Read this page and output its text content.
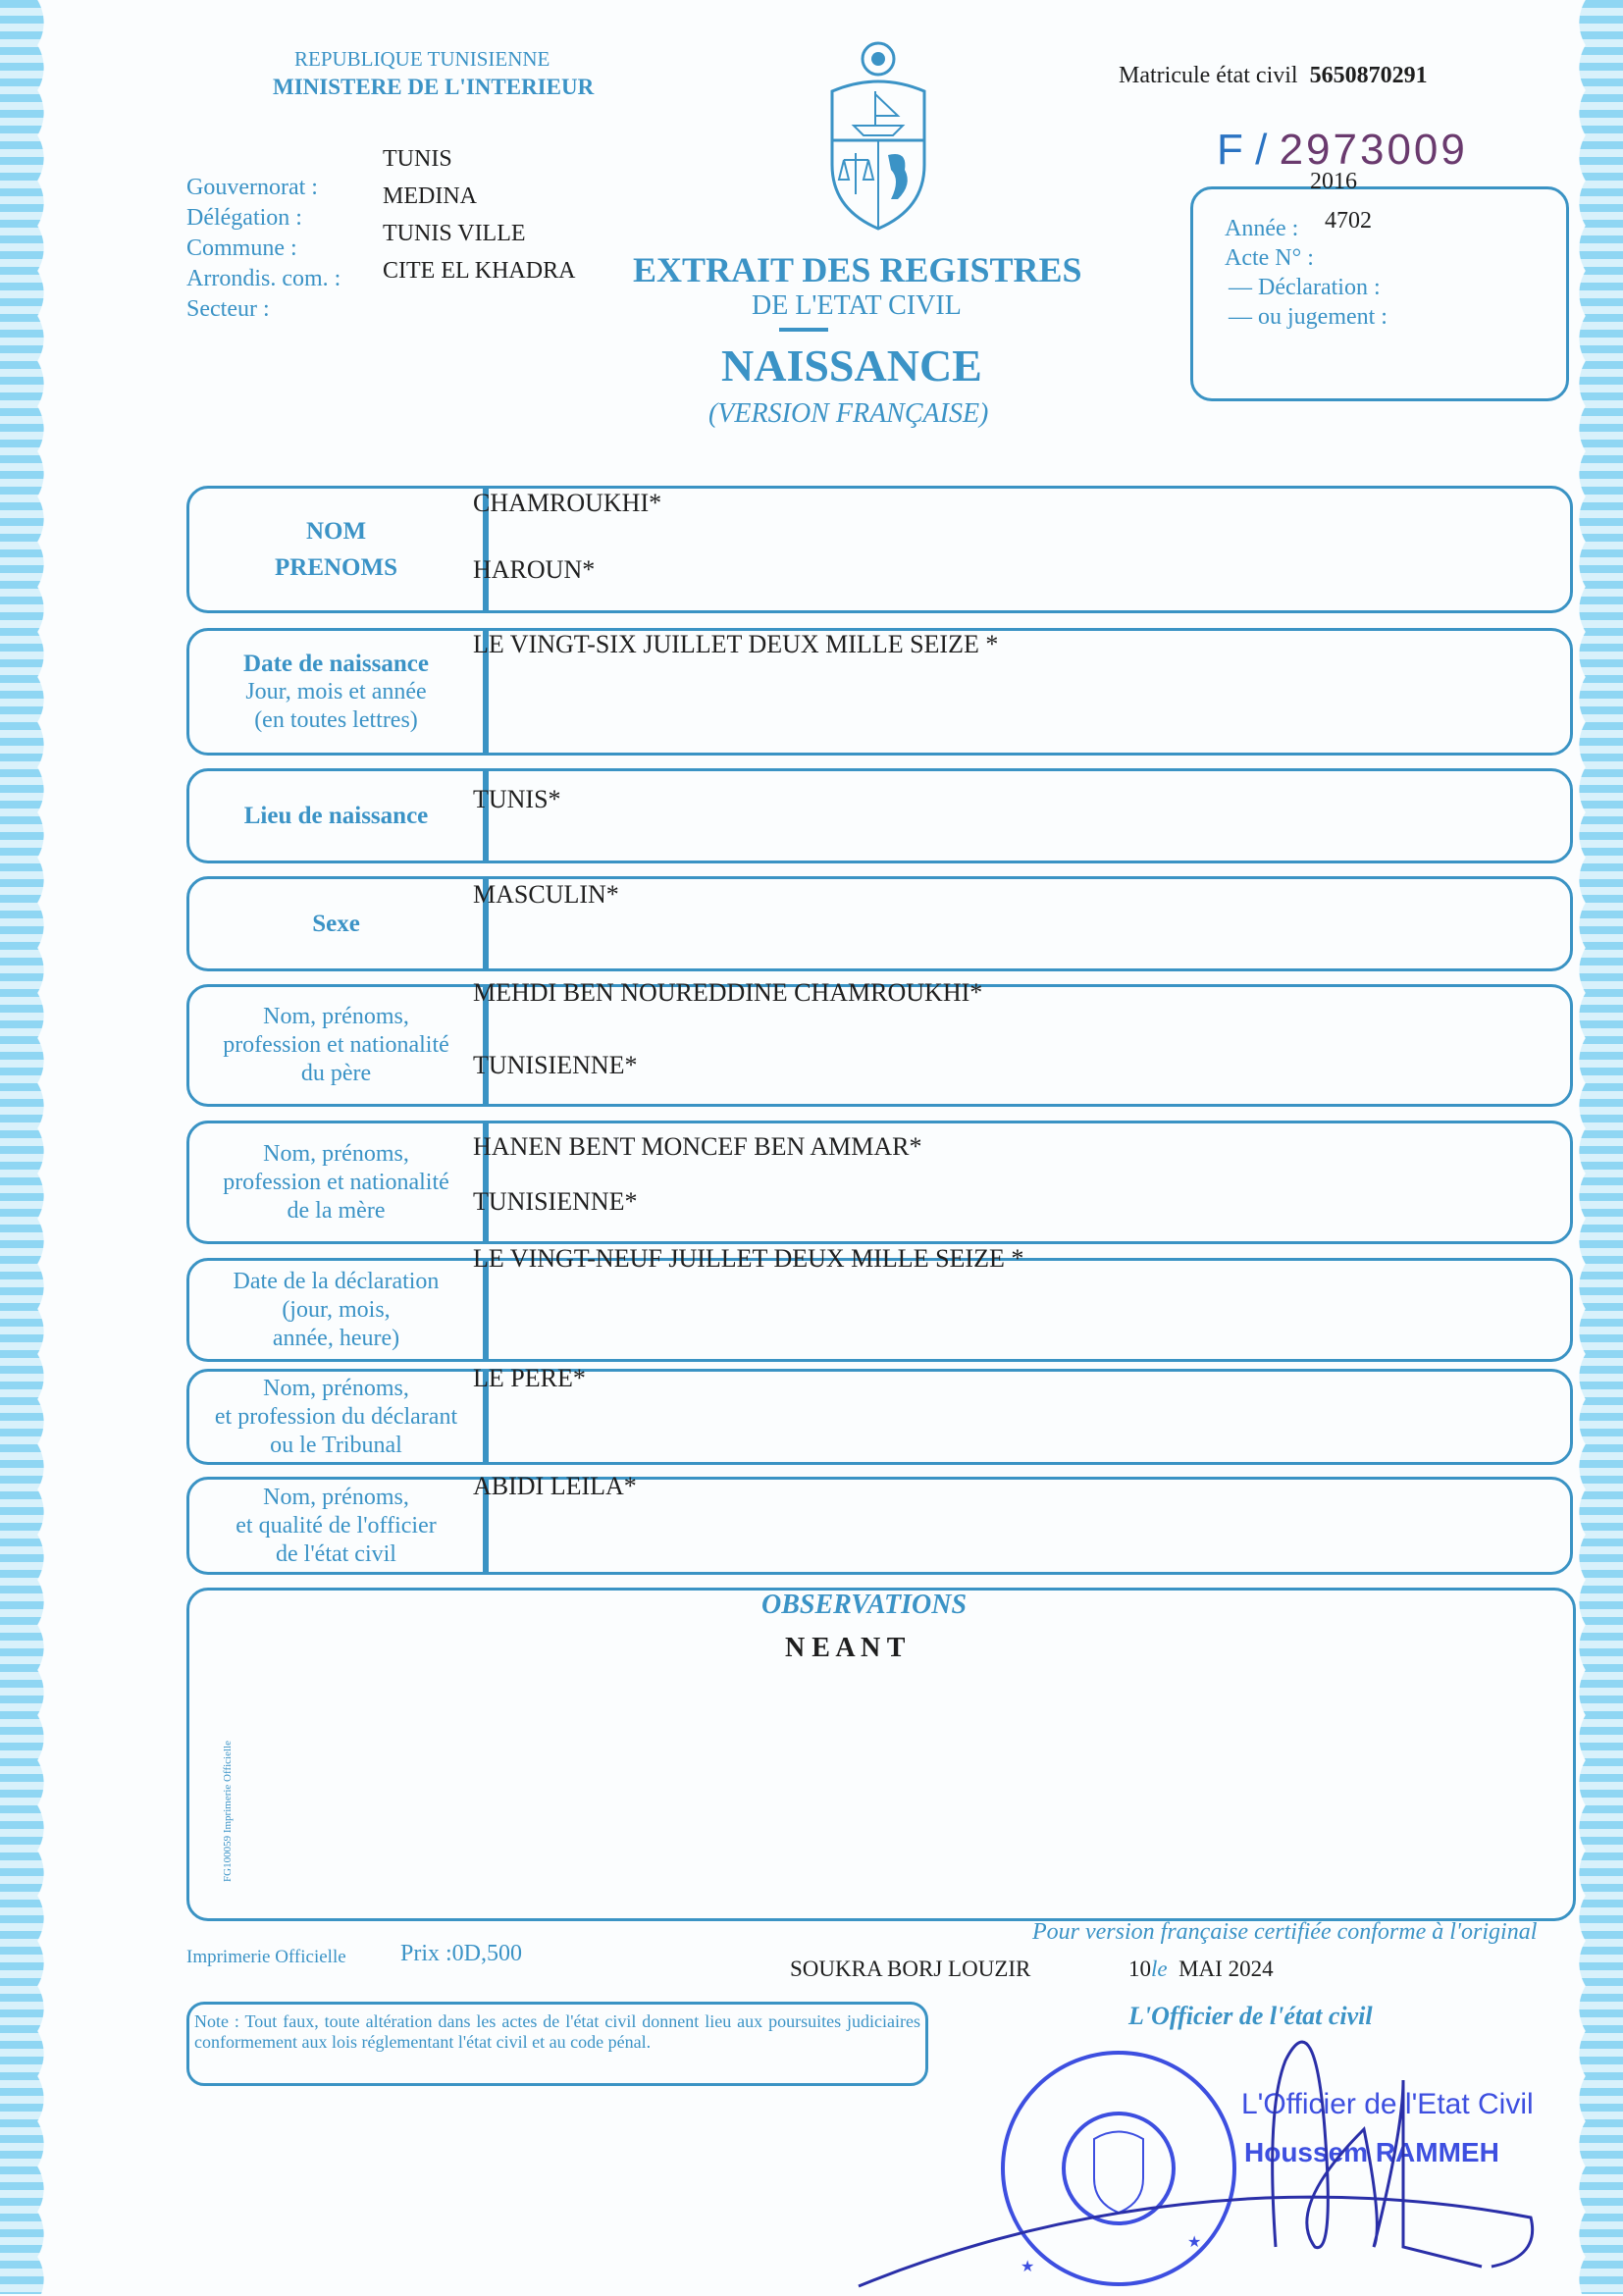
REPUBLIQUE TUNISIENNE
MINISTERE DE L'INTERIEUR	Matricule état civil 5650870291
F / 2973009
Gouvernorat :
Délégation :
Commune :
Arrondis. com. :
Secteur :
TUNIS
MEDINA
TUNIS VILLE
CITE EL KHADRA EXTRAIT DES REGISTRES
DE L'ETAT CIVIL
NAISSANCE
(VERSION FRANÇAISE)
Année :
Acte N° :
— Déclaration :
— ou jugement :
2016
4702
NOM
PRENOMS
CHAMROUKHI*
HAROUN*
Date de naissance
Jour, mois et année
(en toutes lettres)
LE VINGT-SIX JUILLET DEUX MILLE SEIZE *
Lieu de naissance
TUNIS*
Sexe
MASCULIN*
Nom, prénoms,
profession et nationalité
du père
MEHDI BEN NOUREDDINE CHAMROUKHI*
TUNISIENNE*
Nom, prénoms,
profession et nationalité
de la mère
HANEN BENT MONCEF BEN AMMAR*
TUNISIENNE*
Date de la déclaration
(jour, mois,
année, heure)
LE VINGT-NEUF JUILLET DEUX MILLE SEIZE *
Nom, prénoms,
et profession du déclarant
ou le Tribunal
LE PERE*
Nom, prénoms,
et qualité de l'officier
de l'état civil
ABIDI LEILA*
OBSERVATIONS
N E A N T
FG100059 Imprimerie Officielle
Pour version française certifiée conforme à l'original
Imprimerie Officielle Prix :0D,500
SOUKRA BORJ LOUZIR	10le MAI 2024
L'Officier de l'état civil
Note : Tout faux, toute altération dans les actes de l'état civil donnent lieu aux poursuites judiciaires conformement aux lois réglementant l'état civil et au code pénal.
★
★
L'Officier de l'Etat Civil
Houssem RAMMEH
